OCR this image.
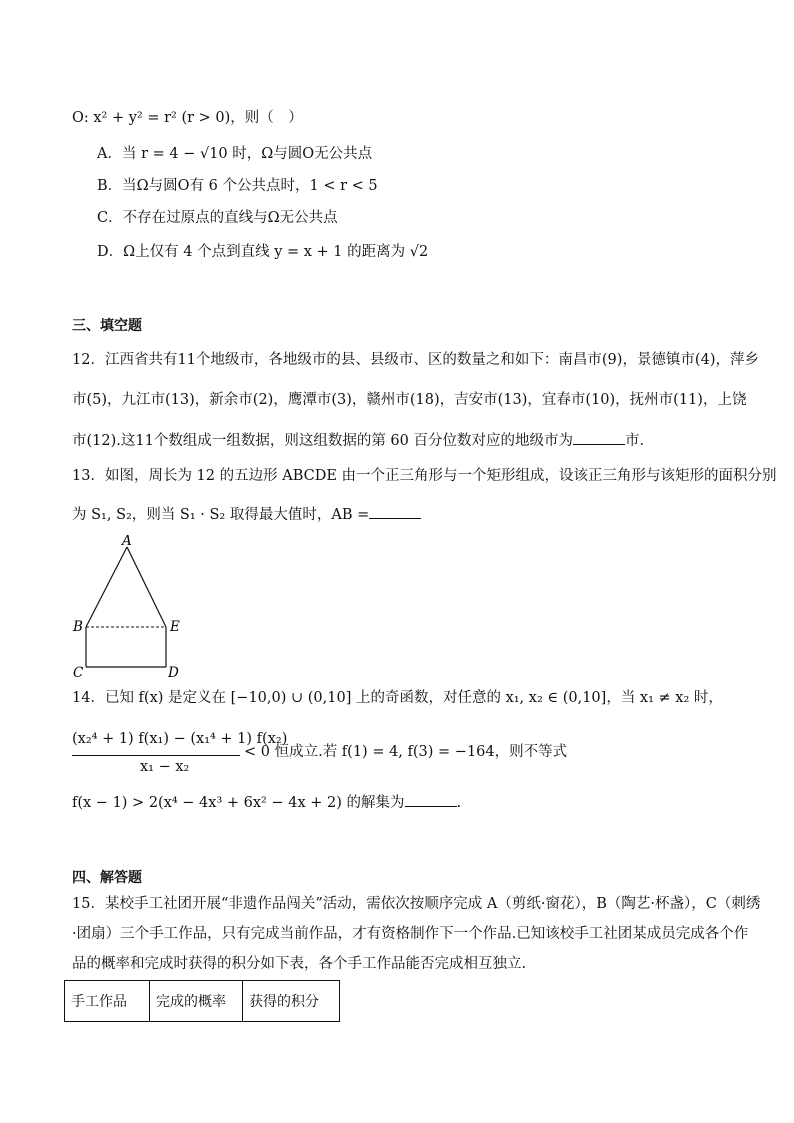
O: x² + y² = r² (r > 0)，则（　）
A．当 r = 4 − √10 时，Ω与圆O无公共点
B．当Ω与圆O有 6 个公共点时，1 < r < 5
C．不存在过原点的直线与Ω无公共点
D．Ω上仅有 4 个点到直线 y = x + 1 的距离为 √2
三、填空题
12．江西省共有11个地级市，各地级市的县、县级市、区的数量之和如下：南昌市(9)，景德镇市(4)，萍乡
市(5)，九江市(13)，新余市(2)，鹰潭市(3)，赣州市(18)，吉安市(13)，宜春市(10)，抚州市(11)，上饶
市(12).这11个数组成一组数据，则这组数据的第 60 百分位数对应的地级市为	市.
13．如图，周长为 12 的五边形 ABCDE 由一个正三角形与一个矩形组成，设该正三角形与该矩形的面积分别
为 S₁, S₂，则当 S₁ · S₂ 取得最大值时，AB =
A
B	E
C	D
14．已知 f(x) 是定义在 [−10,0) ∪ (0,10] 上的奇函数，对任意的 x₁, x₂ ∈ (0,10]，当 x₁ ≠ x₂ 时，
(x₂⁴ + 1) f(x₁) − (x₁⁴ + 1) f(x₂)
x₁ − x₂
< 0 恒成立.若 f(1) = 4, f(3) = −164，则不等式
f(x − 1) > 2(x⁴ − 4x³ + 6x² − 4x + 2) 的解集为	.
四、解答题
15．某校手工社团开展“非遗作品闯关”活动，需依次按顺序完成 A（剪纸·窗花），B（陶艺·杯盏），C（刺绣
·团扇）三个手工作品，只有完成当前作品，才有资格制作下一个作品.已知该校手工社团某成员完成各个作
品的概率和完成时获得的积分如下表，各个手工作品能否完成相互独立.
手工作品	完成的概率	获得的积分
